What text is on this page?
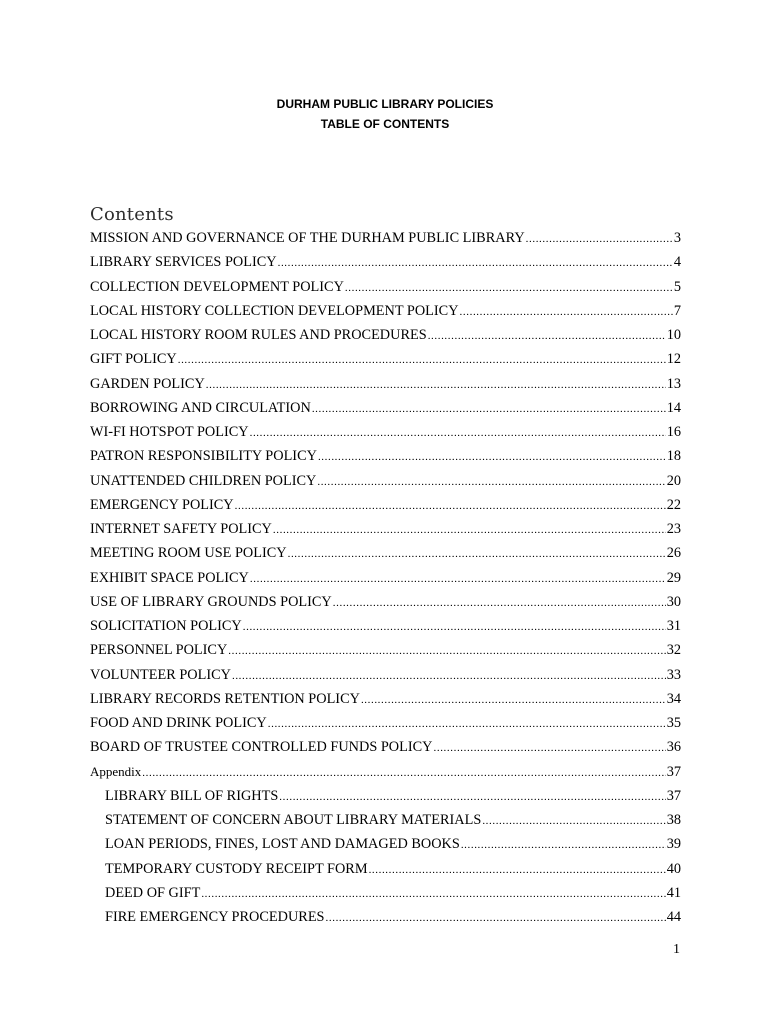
DURHAM PUBLIC LIBRARY POLICIES
TABLE OF CONTENTS
Contents
MISSION AND GOVERNANCE OF THE DURHAM PUBLIC LIBRARY .....	3
LIBRARY SERVICES POLICY .....	4
COLLECTION DEVELOPMENT POLICY .....	5
LOCAL HISTORY COLLECTION DEVELOPMENT POLICY .....	7
LOCAL HISTORY ROOM RULES AND PROCEDURES .....	10
GIFT POLICY .....	12
GARDEN POLICY .....	13
BORROWING AND CIRCULATION .....	14
WI-FI HOTSPOT POLICY .....	16
PATRON RESPONSIBILITY POLICY .....	18
UNATTENDED CHILDREN POLICY .....	20
EMERGENCY POLICY .....	22
INTERNET SAFETY POLICY .....	23
MEETING ROOM USE POLICY .....	26
EXHIBIT SPACE POLICY .....	29
USE OF LIBRARY GROUNDS POLICY .....	30
SOLICITATION POLICY .....	31
PERSONNEL POLICY .....	32
VOLUNTEER POLICY .....	33
LIBRARY RECORDS RETENTION POLICY .....	34
FOOD AND DRINK POLICY .....	35
BOARD OF TRUSTEE CONTROLLED FUNDS POLICY .....	36
Appendix .....	37
LIBRARY BILL OF RIGHTS .....	37
STATEMENT OF CONCERN ABOUT LIBRARY MATERIALS .....	38
LOAN PERIODS, FINES, LOST AND DAMAGED BOOKS .....	39
TEMPORARY CUSTODY RECEIPT FORM .....	40
DEED OF GIFT .....	41
FIRE EMERGENCY PROCEDURES .....	44
1
